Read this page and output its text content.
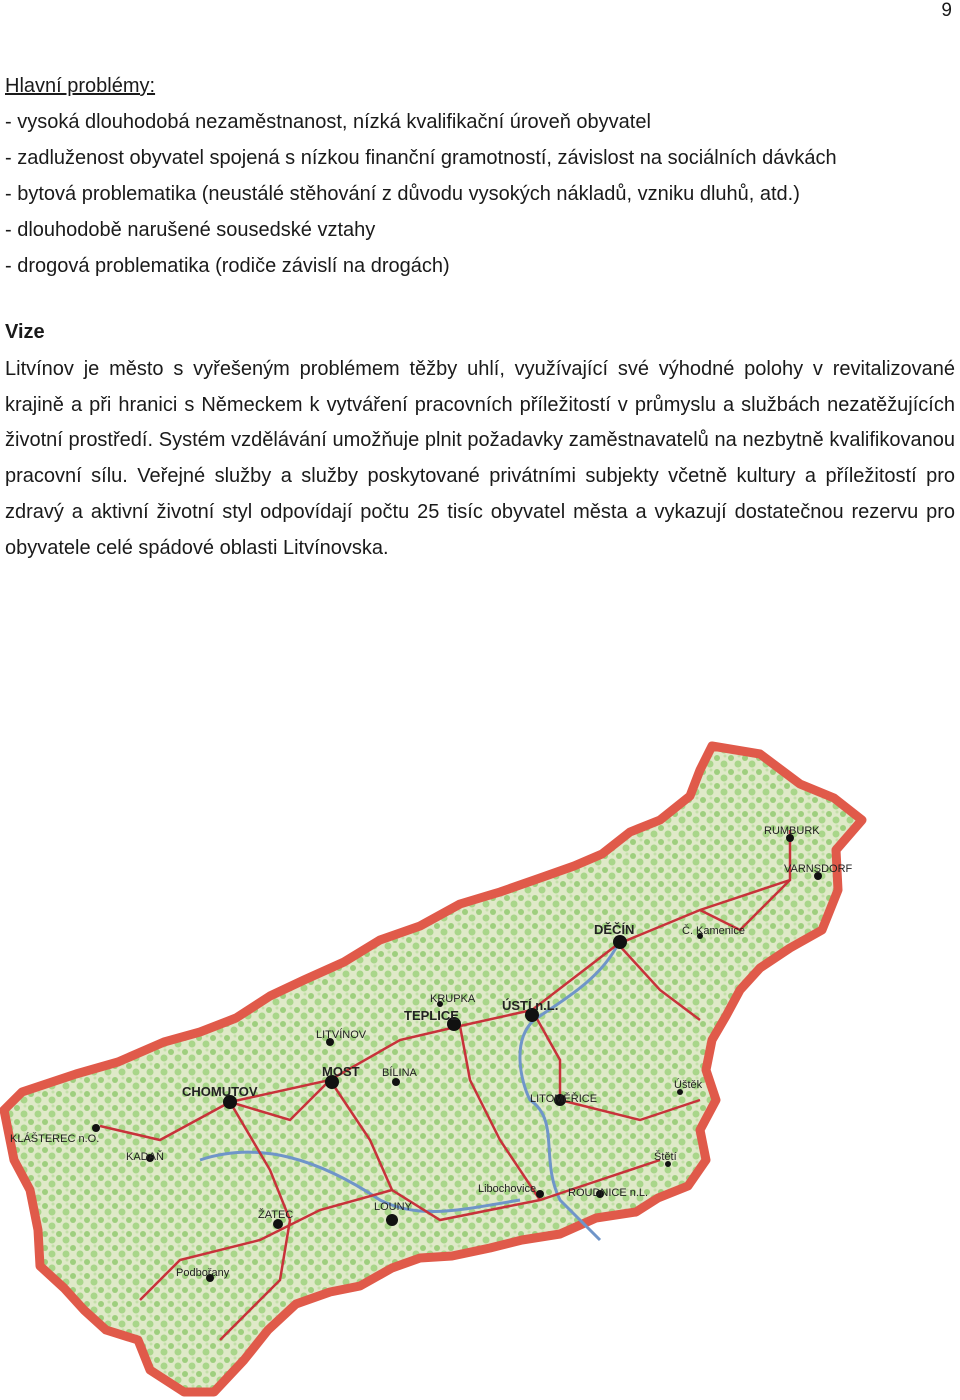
9
Hlavní problémy:
- vysoká dlouhodobá nezaměstnanost, nízká kvalifikační úroveň obyvatel
- zadluženost obyvatel spojená s nízkou finanční gramotností, závislost na sociálních dávkách
- bytová problematika (neustálé stěhování z důvodu vysokých nákladů, vzniku dluhů, atd.)
- dlouhodobě narušené sousedské vztahy
- drogová problematika (rodiče závislí na drogách)
Vize
Litvínov je město s vyřešeným problémem těžby uhlí, využívající své výhodné polohy v revitalizované krajině a při hranici s Německem k vytváření pracovních příležitostí v průmyslu a službách nezatěžujících životní prostředí. Systém vzdělávání umožňuje plnit požadavky zaměstnavatelů na nezbytně kvalifikovanou pracovní sílu. Veřejné služby a služby poskytované privátními subjekty včetně kultury a příležitostí pro zdravý a aktivní životní styl odpovídají počtu 25 tisíc obyvatel města a vykazují dostatečnou rezervu pro obyvatele celé spádové oblasti Litvínovska.
RUMBURK
VARNSDORF
DĚČÍN	Č. Kamenice
KRUPKA
TEPLICE
ÚSTÍ n.L.
LITVÍNOV
MOST BÍLINA
Úštěk
CHOMUTOV	LITOMĚŘICE
KLÁŠTEREC n.O.
KADAŇ	Štětí
Libochovice	ROUDNICE n.L.
LOUNY
ŽATEC
Podbořany
